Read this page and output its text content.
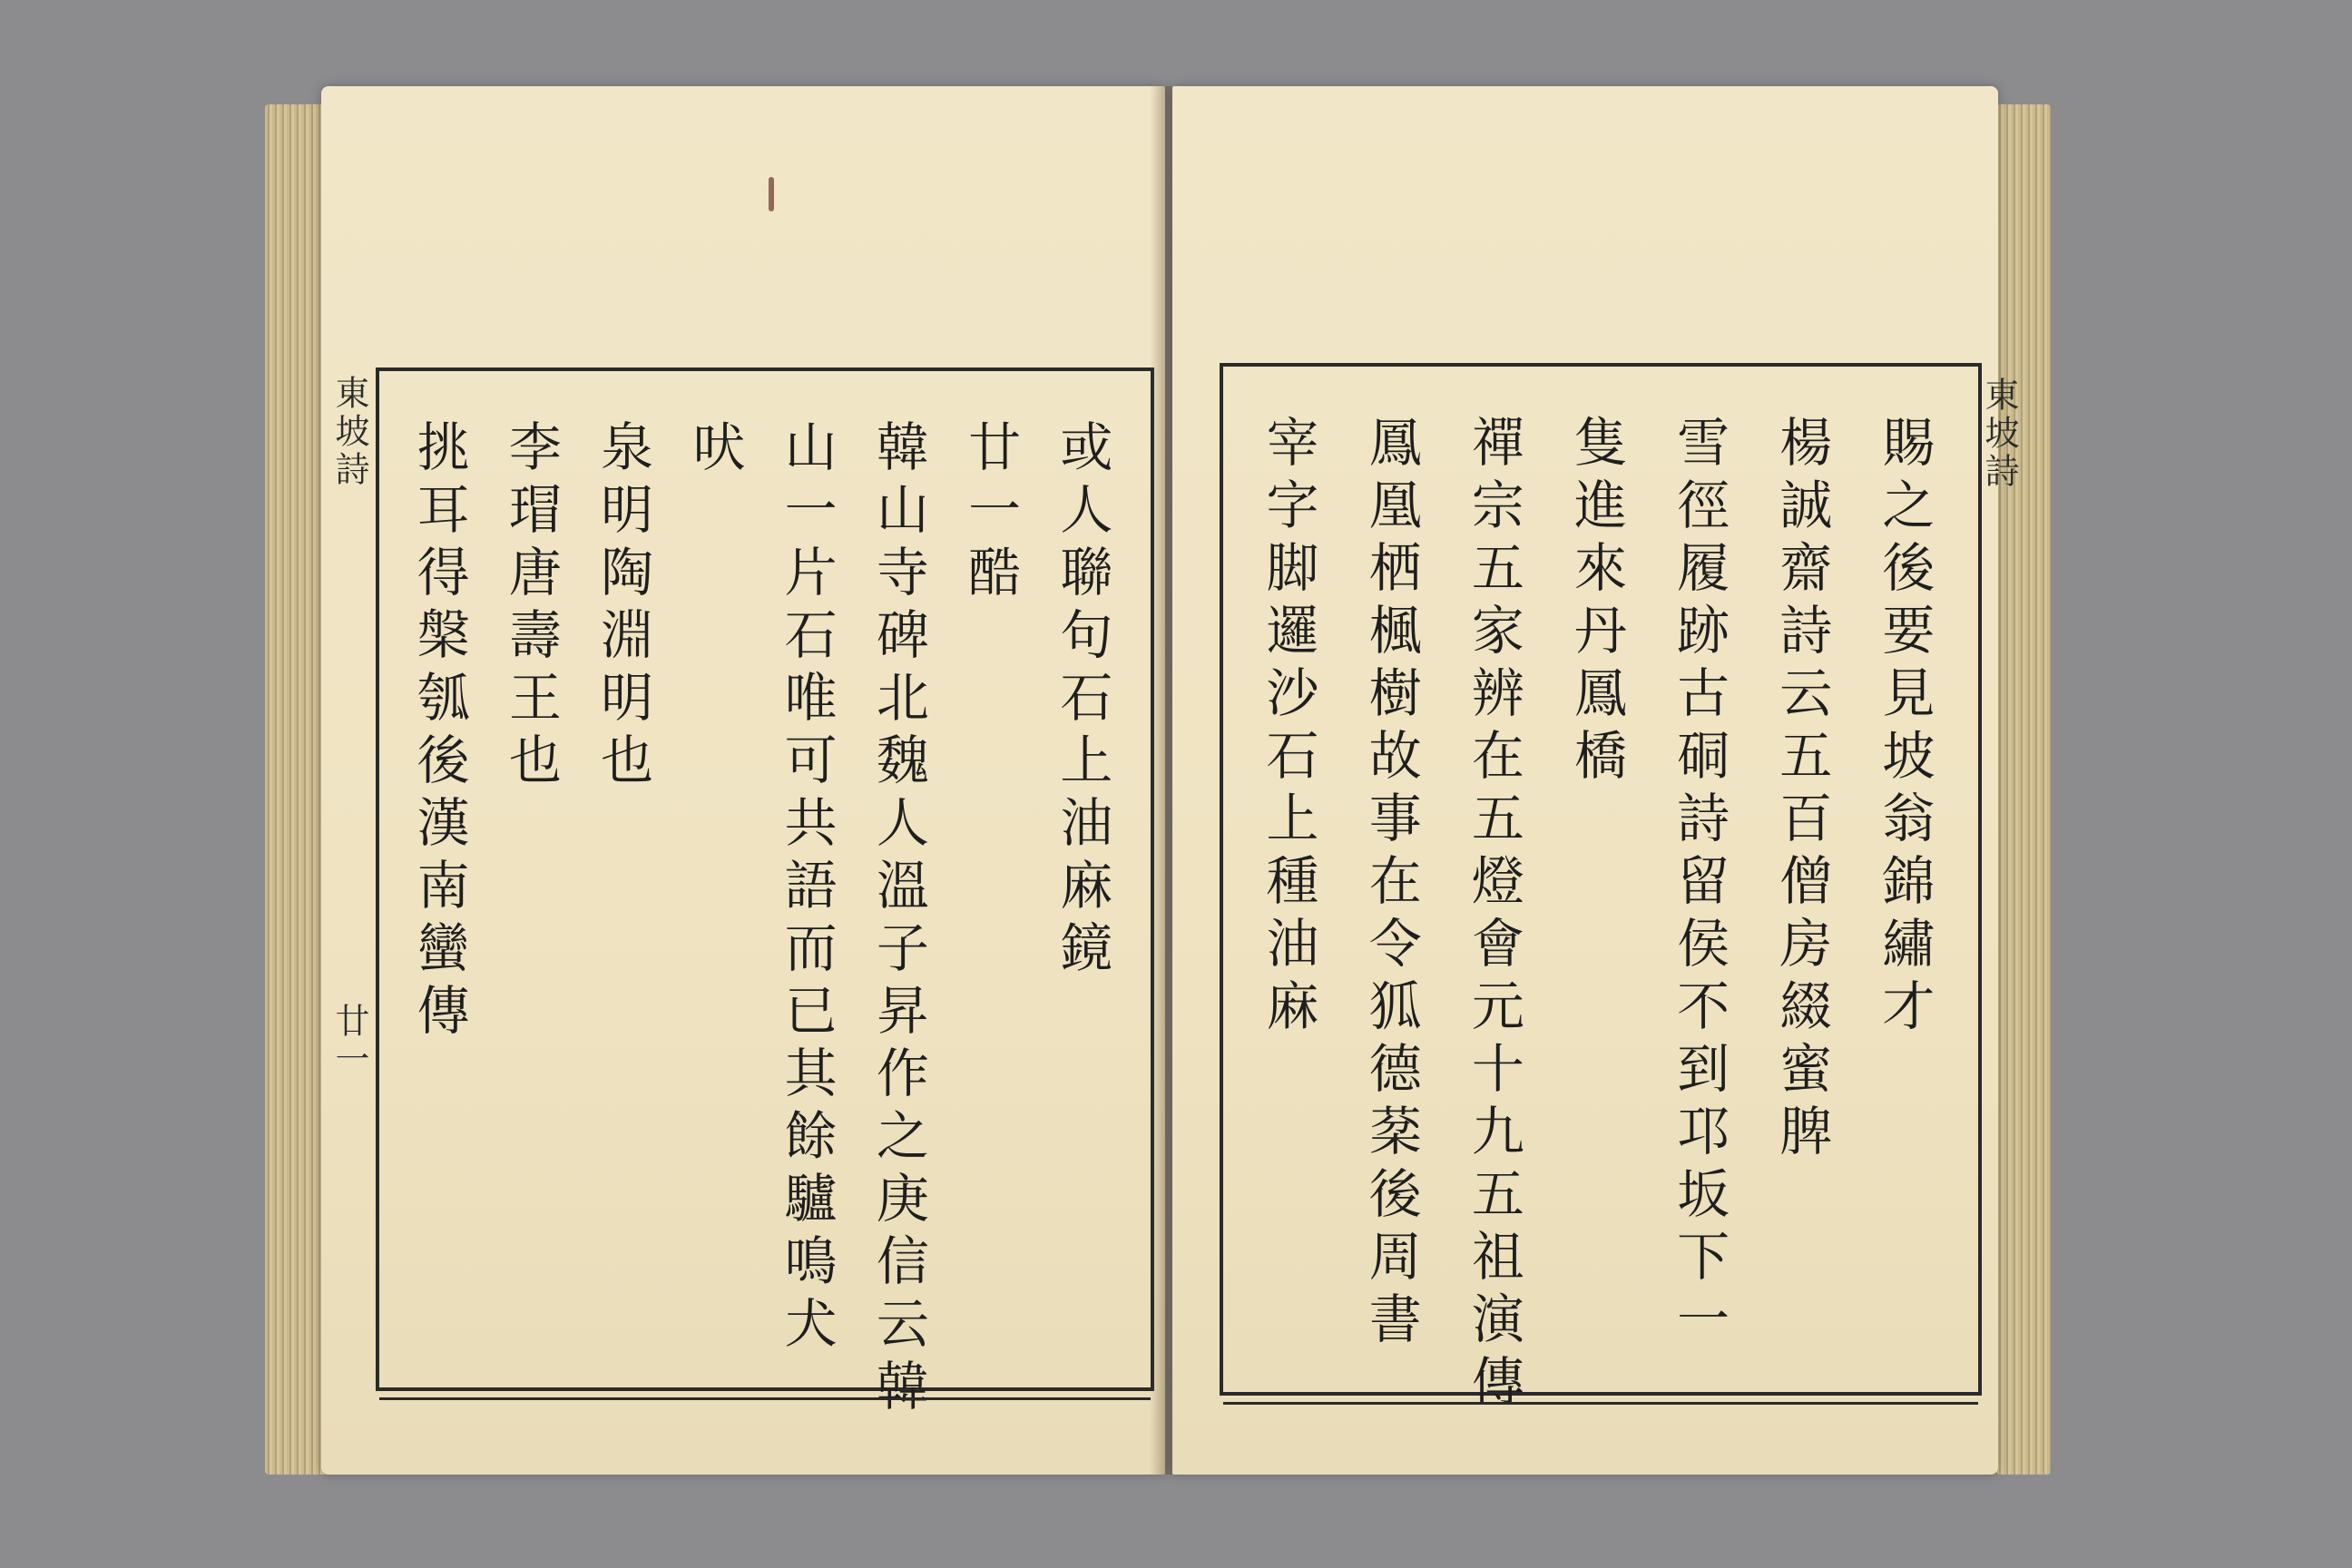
或
人
聯
句
石
上
油
麻
鏡
廿
一
酷
韓
山
寺
碑
北
魏
人
溫
子
昇
作
之
庚
信
云
韓
山
一
片
石
唯
可
共
語
而
已
其
餘
驢
鳴
犬
吠
泉
明
陶
淵
明
也
李
瑁
唐
壽
王
也
挑
耳
得
槃
瓠
後
漢
南
蠻
傳
東坡詩
廿一
賜
之
後
要
見
坡
翁
錦
繡
才
楊
誠
齋
詩
云
五
百
僧
房
綴
蜜
脾
雪
徑
履
跡
古
硐
詩
留
侯
不
到
邛
坂
下
一
隻
進
來
丹
鳳
橋
禪
宗
五
家
辨
在
五
燈
會
元
十
九
五
祖
演
傳
鳳
凰
栖
楓
樹
故
事
在
令
狐
德
棻
後
周
書
宰
字
脚
邏
沙
石
上
種
油
麻
東坡詩
